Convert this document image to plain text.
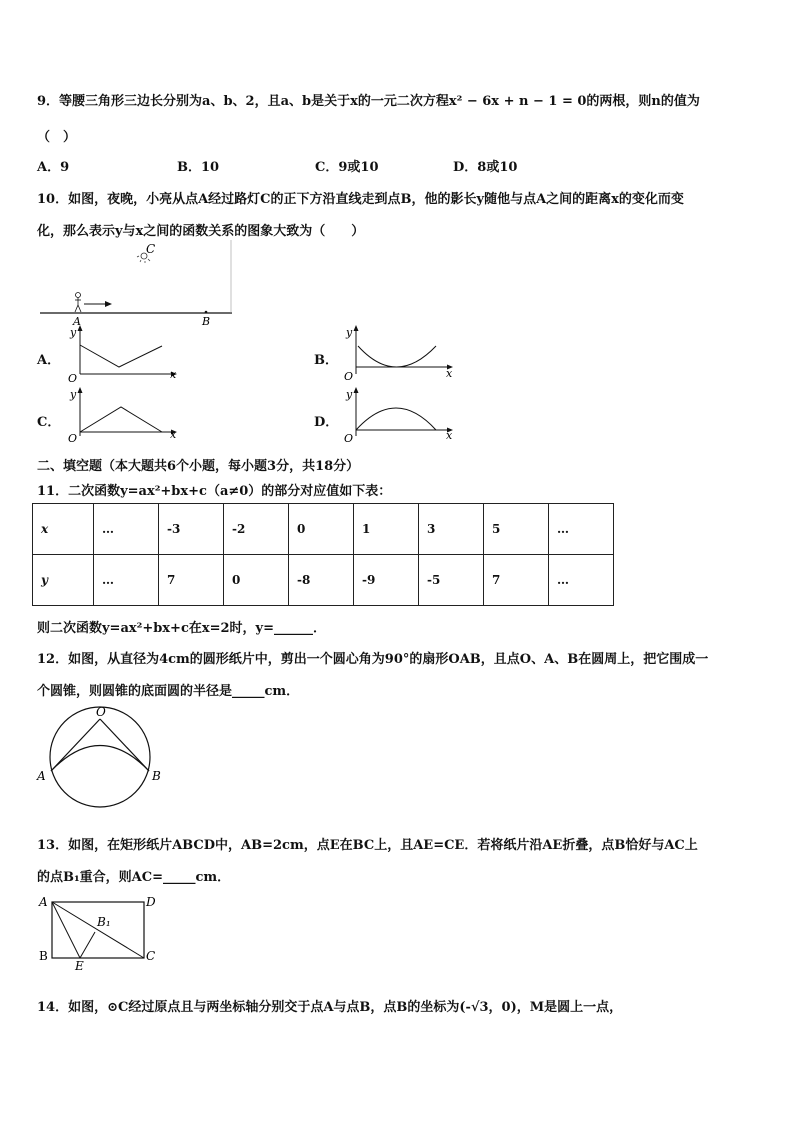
9．等腰三角形三边长分别为a、b、2，且a、b是关于x的一元二次方程x² − 6x + n − 1 = 0的两根，则n的值为
（　）
A．9	B．10	C．9或10	D．8或10
10．如图，夜晚，小亮从点A经过路灯C的正下方沿直线走到点B，他的影长y随他与点A之间的距离x的变化而变
化，那么表示y与x之间的函数关系的图象大致为（　　）
C
A	B
A．
y
O	x
B．
y
O	x
C．
y
O	x
D．
y
O	x
二、填空题（本大题共6个小题，每小题3分，共18分）
11．二次函数y=ax²+bx+c（a≠0）的部分对应值如下表：
x	…	-3	-2	0	1	3	5	…
y	…	7	0	-8	-9	-5	7	…
则二次函数y=ax²+bx+c在x=2时，y=______．
12．如图，从直径为4cm的圆形纸片中，剪出一个圆心角为90°的扇形OAB，且点O、A、B在圆周上，把它围成一
个圆锥，则圆锥的底面圆的半径是_____cm．
O
A	B
13．如图，在矩形纸片ABCD中，AB=2cm，点E在BC上，且AE=CE．若将纸片沿AE折叠，点B恰好与AC上
的点B₁重合，则AC=_____cm．
A	D
B	C
E
B₁
14．如图，⊙C经过原点且与两坐标轴分别交于点A与点B，点B的坐标为(-√3，0)，M是圆上一点，
